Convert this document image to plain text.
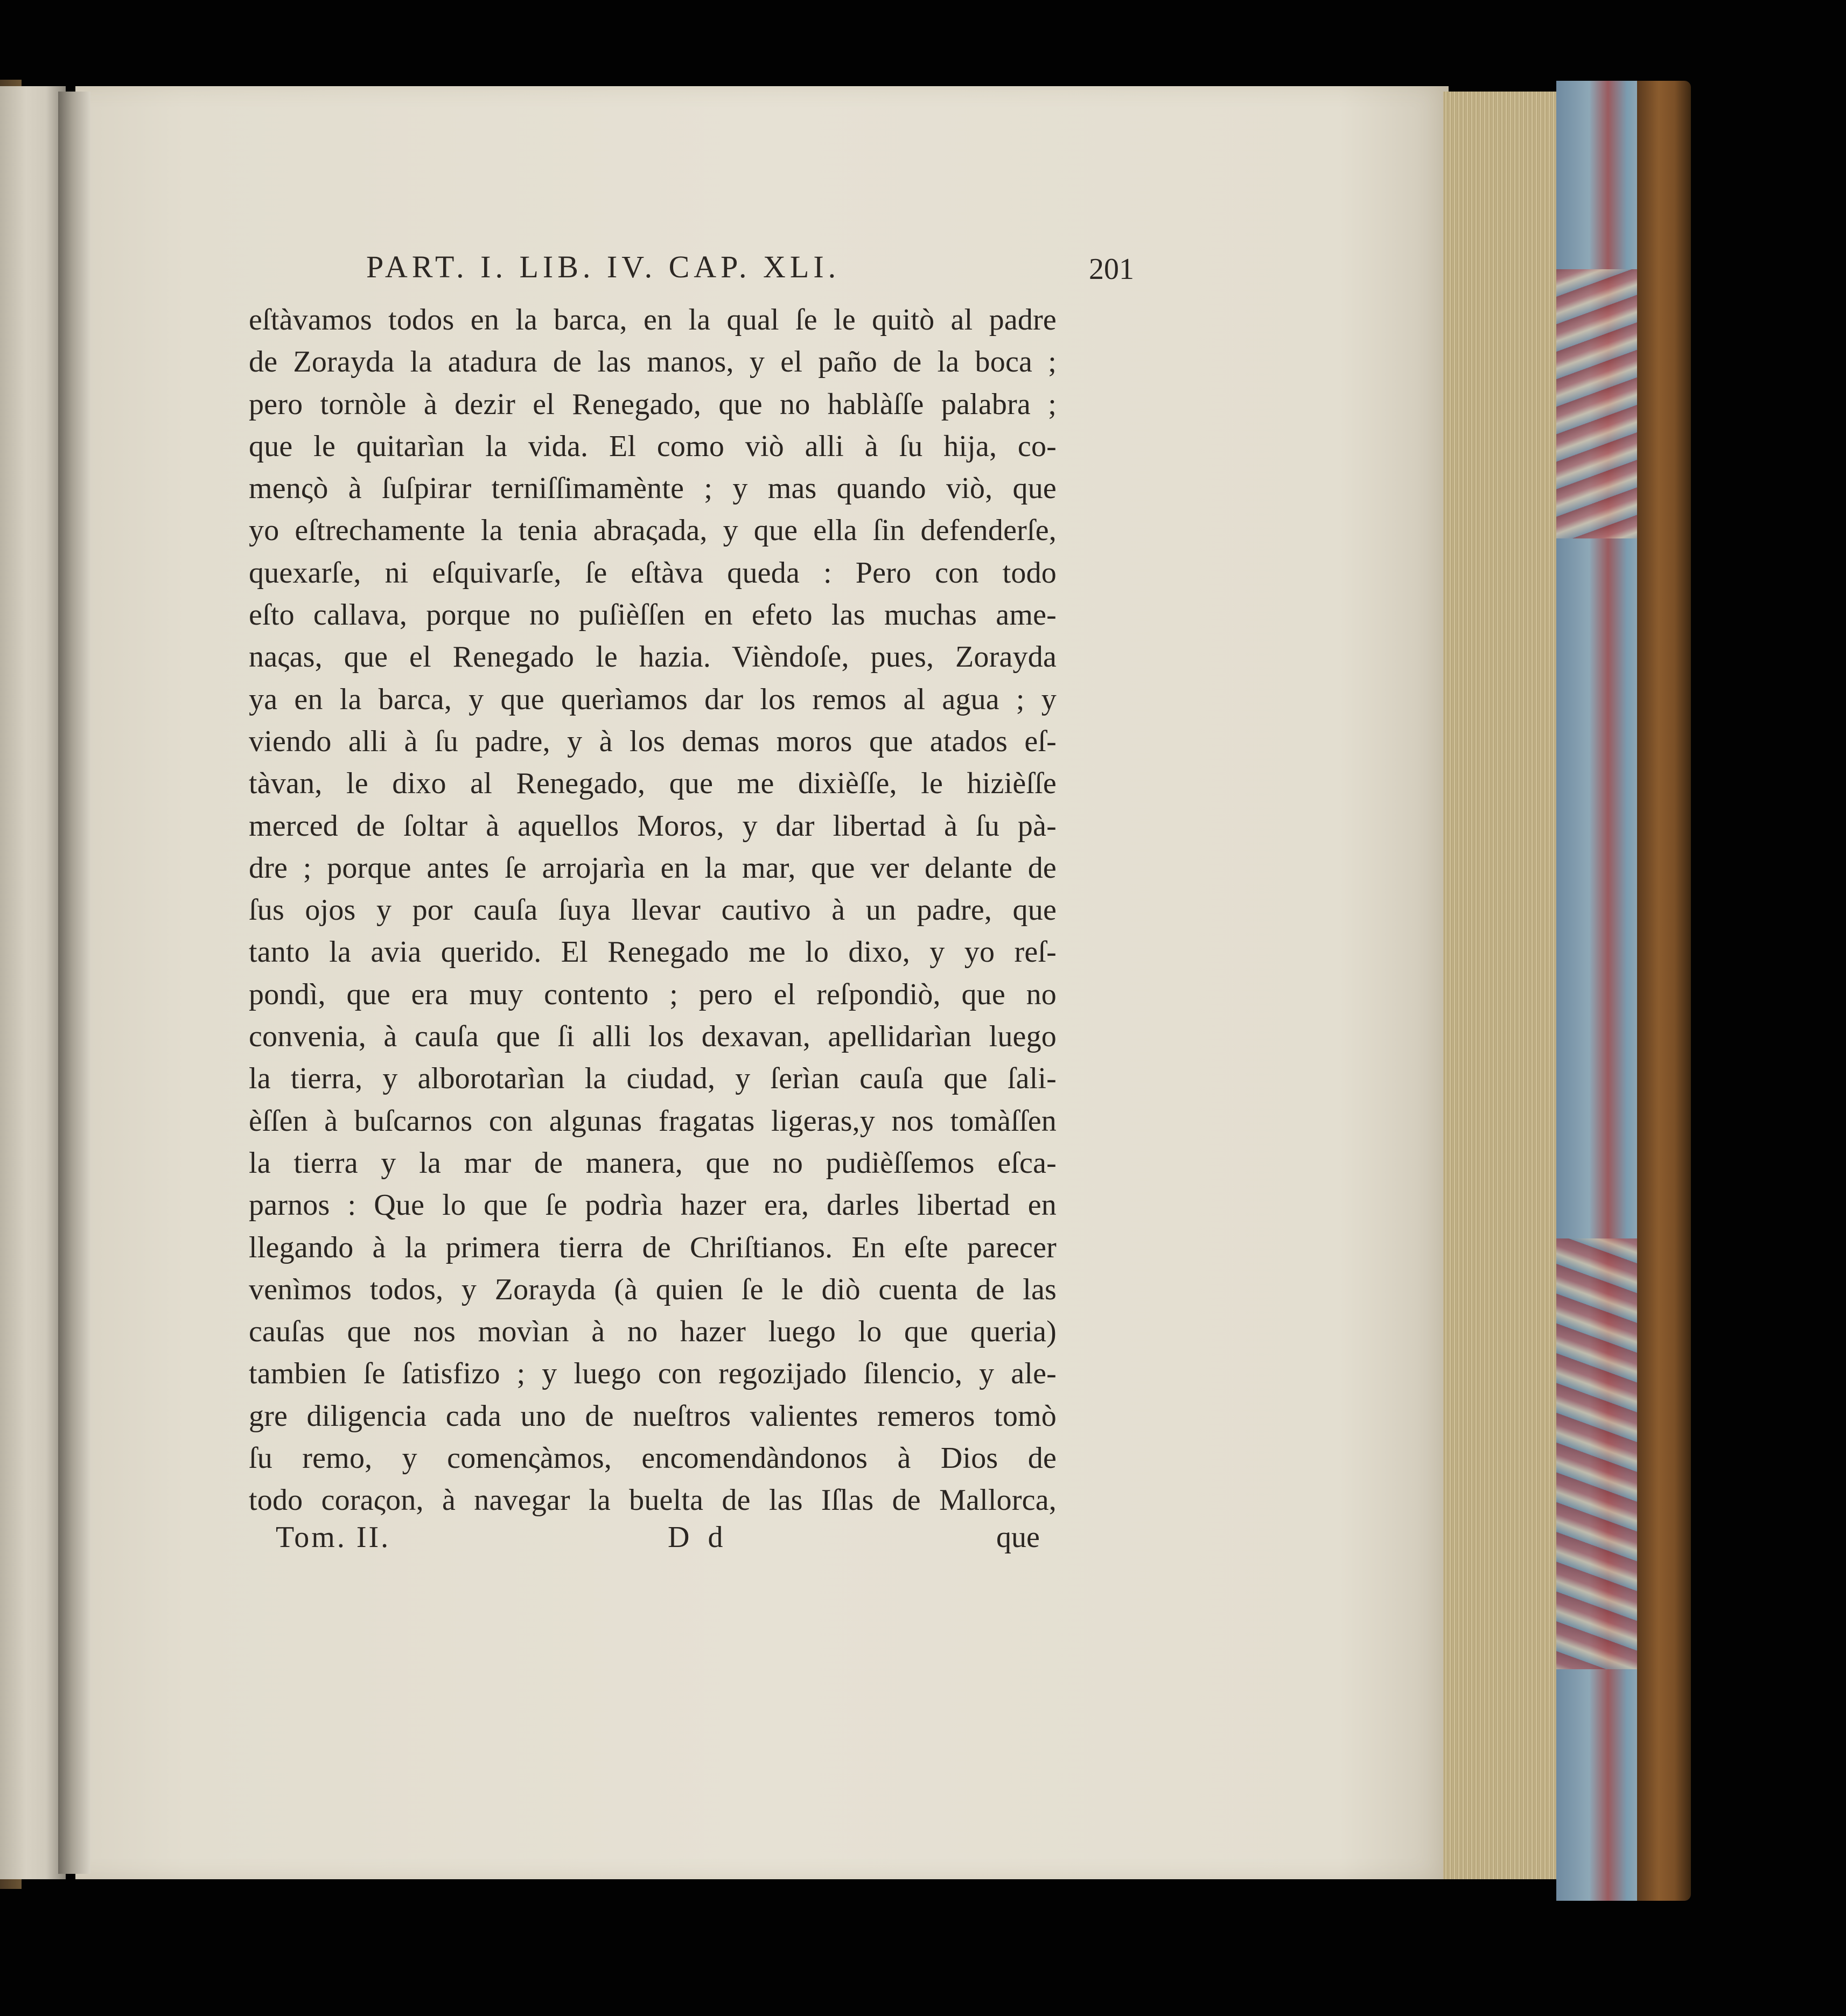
PART. I. LIB. IV. CAP. XLI.	201
eſtàvamos todos en la barca, en la qual ſe le quitò al padre
de Zorayda la atadura de las manos, y el paño de la boca ;
pero tornòle à dezir el Renegado, que no hablàſſe palabra ;
que le quitarìan la vida. El como viò alli à ſu hija, co-
menςò à ſuſpirar terniſſimamènte ; y mas quando viò, que
yo eſtrechamente la tenia abraςada, y que ella ſin defenderſe,
quexarſe, ni eſquivarſe, ſe eſtàva queda : Pero con todo
eſto callava, porque no puſièſſen en efeto las muchas ame-
naςas, que el Renegado le hazia. Vièndoſe, pues, Zorayda
ya en la barca, y que querìamos dar los remos al agua ; y
viendo alli à ſu padre, y à los demas moros que atados eſ-
tàvan, le dixo al Renegado, que me dixièſſe, le hizièſſe
merced de ſoltar à aquellos Moros, y dar libertad à ſu pà-
dre ; porque antes ſe arrojarìa en la mar, que ver delante de
ſus ojos y por cauſa ſuya llevar cautivo à un padre, que
tanto la avia querido. El Renegado me lo dixo, y yo reſ-
pondì, que era muy contento ; pero el reſpondiò, que no
convenia, à cauſa que ſi alli los dexavan, apellidarìan luego
la tierra, y alborotarìan la ciudad, y ſerìan cauſa que ſali-
èſſen à buſcarnos con algunas fragatas ligeras,y nos tomàſſen
la tierra y la mar de manera, que no pudièſſemos eſca-
parnos : Que lo que ſe podrìa hazer era, darles libertad en
llegando à la primera tierra de Chriſtianos. En eſte parecer
venìmos todos, y Zorayda (à quien ſe le diò cuenta de las
cauſas que nos movìan à no hazer luego lo que queria)
tambien ſe ſatisfizo ; y luego con regozijado ſilencio, y ale-
gre diligencia cada uno de nueſtros valientes remeros tomò
ſu remo, y comenςàmos, encomendàndonos à Dios de
todo coraςon, à navegar la buelta de las Iſlas de Mallorca,
Tom. II.	D d	que
